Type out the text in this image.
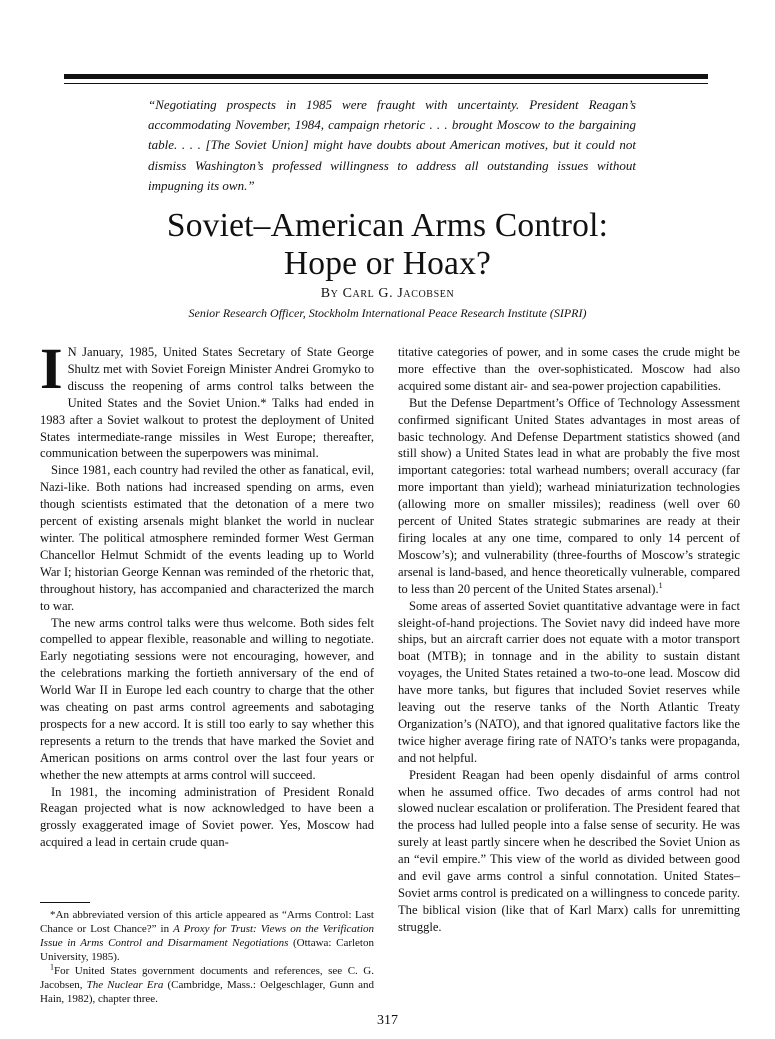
“Negotiating prospects in 1985 were fraught with uncertainty. President Reagan’s accommodating November, 1984, campaign rhetoric . . . brought Moscow to the bargaining table. . . . [The Soviet Union] might have doubts about American motives, but it could not dismiss Washington’s professed willingness to address all outstanding issues without impugning its own.”
Soviet–American Arms Control:
Hope or Hoax?
By Carl G. Jacobsen
Senior Research Officer, Stockholm International Peace Research Institute (SIPRI)

I N January, 1985, United States Secretary of State George Shultz met with Soviet Foreign Minister Andrei Gromyko to discuss the reopening of arms control talks between the United States and the Soviet Union.* Talks had ended in 1983 after a Soviet walkout to protest the deployment of United States intermediate-range missiles in West Europe; thereafter, communication between the superpowers was minimal.

Since 1981, each country had reviled the other as fanatical, evil, Nazi-like. Both nations had increased spending on arms, even though scientists estimated that the detonation of a mere two percent of existing arsenals might blanket the world in nuclear winter. The political atmosphere reminded former West German Chancellor Helmut Schmidt of the events leading up to World War I; historian George Kennan was reminded of the rhetoric that, throughout history, has accompanied and characterized the march to war.

The new arms control talks were thus welcome. Both sides felt compelled to appear flexible, reasonable and willing to negotiate. Early negotiating sessions were not encouraging, however, and the celebrations marking the fortieth anniversary of the end of World War II in Europe led each country to charge that the other was cheating on past arms control agreements and sabotaging prospects for a new accord. It is still too early to say whether this represents a return to the trends that have marked the Soviet and American positions on arms control over the last four years or whether the new attempts at arms control will succeed.

In 1981, the incoming administration of President Ronald Reagan projected what is now acknowledged to have been a grossly exaggerated image of Soviet power. Yes, Moscow had acquired a lead in certain crude quan-

*An abbreviated version of this article appeared as “Arms Control: Last Chance or Lost Chance?” in A Proxy for Trust: Views on the Verification Issue in Arms Control and Disarmament Negotiations (Ottawa: Carleton University, 1985).

$^1$For United States government documents and references, see C. G. Jacobsen, The Nuclear Era (Cambridge, Mass.: Oelgeschlager, Gunn and Hain, 1982), chapter three.

titative categories of power, and in some cases the crude might be more effective than the over-sophisticated. Moscow had also acquired some distant air- and sea-power projection capabilities.

But the Defense Department’s Office of Technology Assessment confirmed significant United States advantages in most areas of basic technology. And Defense Department statistics showed (and still show) a United States lead in what are probably the five most important categories: total warhead numbers; overall accuracy (far more important than yield); warhead miniaturization technologies (allowing more on smaller missiles); readiness (well over 60 percent of United States strategic submarines are ready at their firing locales at any one time, compared to only 14 percent of Moscow’s); and vulnerability (three-fourths of Moscow’s strategic arsenal is land-based, and hence theoretically vulnerable, compared to less than 20 percent of the United States arsenal).$^1$

Some areas of asserted Soviet quantitative advantage were in fact sleight-of-hand projections. The Soviet navy did indeed have more ships, but an aircraft carrier does not equate with a motor transport boat (MTB); in tonnage and in the ability to sustain distant voyages, the United States retained a two-to-one lead. Moscow did have more tanks, but figures that included Soviet reserves while leaving out the reserve tanks of the North Atlantic Treaty Organization’s (NATO), and that ignored qualitative factors like the twice higher average firing rate of NATO’s tanks were propaganda, and not helpful.

President Reagan had been openly disdainful of arms control when he assumed office. Two decades of arms control had not slowed nuclear escalation or proliferation. The President feared that the process had lulled people into a false sense of security. He was surely at least partly sincere when he described the Soviet Union as an “evil empire.” This view of the world as divided between good and evil gave arms control a sinful connotation. United States–Soviet arms control is predicated on a willingness to concede parity. The biblical vision (like that of Karl Marx) calls for unremitting struggle.

317
